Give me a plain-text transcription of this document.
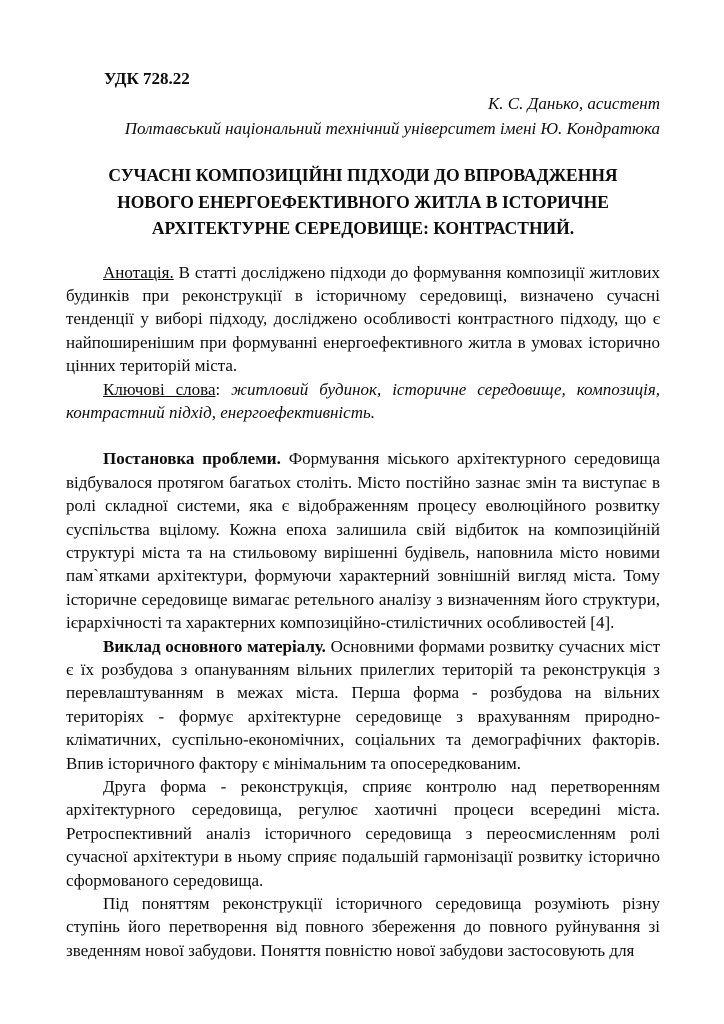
УДК 728.22
К. С. Данько, асистент
Полтавський національний технічний університет імені Ю. Кондратюка
СУЧАСНІ КОМПОЗИЦІЙНІ ПІДХОДИ ДО ВПРОВАДЖЕННЯ
НОВОГО ЕНЕРГОЕФЕКТИВНОГО ЖИТЛА В ІСТОРИЧНЕ
АРХІТЕКТУРНЕ СЕРЕДОВИЩЕ: КОНТРАСТНИЙ.

Анотація. В статті досліджено підходи до формування композиції житлових будинків при реконструкції в історичному середовищі, визначено сучасні тенденції у виборі підходу, досліджено особливості контрастного підходу, що є найпоширенішим при формуванні енергоефективного житла в умовах історично цінних територій міста.

Ключові слова: житловий будинок, історичне середовище, композиція, контрастний підхід, енергоефективність.

Постановка проблеми. Формування міського архітектурного середовища відбувалося протягом багатьох століть. Місто постійно зазнає змін та виступає в ролі складної системи, яка є відображенням процесу еволюційного розвитку суспільства вцілому. Кожна епоха залишила свій відбиток на композиційній структурі міста та на стильовому вирішенні будівель, наповнила місто новими пам`ятками архітектури, формуючи характерний зовнішній вигляд міста. Тому історичне середовище вимагає ретельного аналізу з визначенням його структури, ієрархічності та характерних композиційно-стилістичних особливостей [4].

Виклад основного матеріалу. Основними формами розвитку сучасних міст є їх розбудова з опануванням вільних прилеглих територій та реконструкція з перевлаштуванням в межах міста. Перша форма - розбудова на вільних територіях - формує архітектурне середовище з врахуванням природно-кліматичних, суспільно-економічних, соціальних та демографічних факторів. Впив історичного фактору є мінімальним та опосередкованим.

Друга форма - реконструкція, сприяє контролю над перетворенням архітектурного середовища, регулює хаотичні процеси всередині міста. Ретроспективний аналіз історичного середовища з переосмисленням ролі сучасної архітектури в ньому сприяє подальшій гармонізації розвитку історично сформованого середовища.

Під поняттям реконструкції історичного середовища розуміють різну ступінь його перетворення від повного збереження до повного руйнування зі зведенням нової забудови. Поняття повністю нової забудови застосовують для
